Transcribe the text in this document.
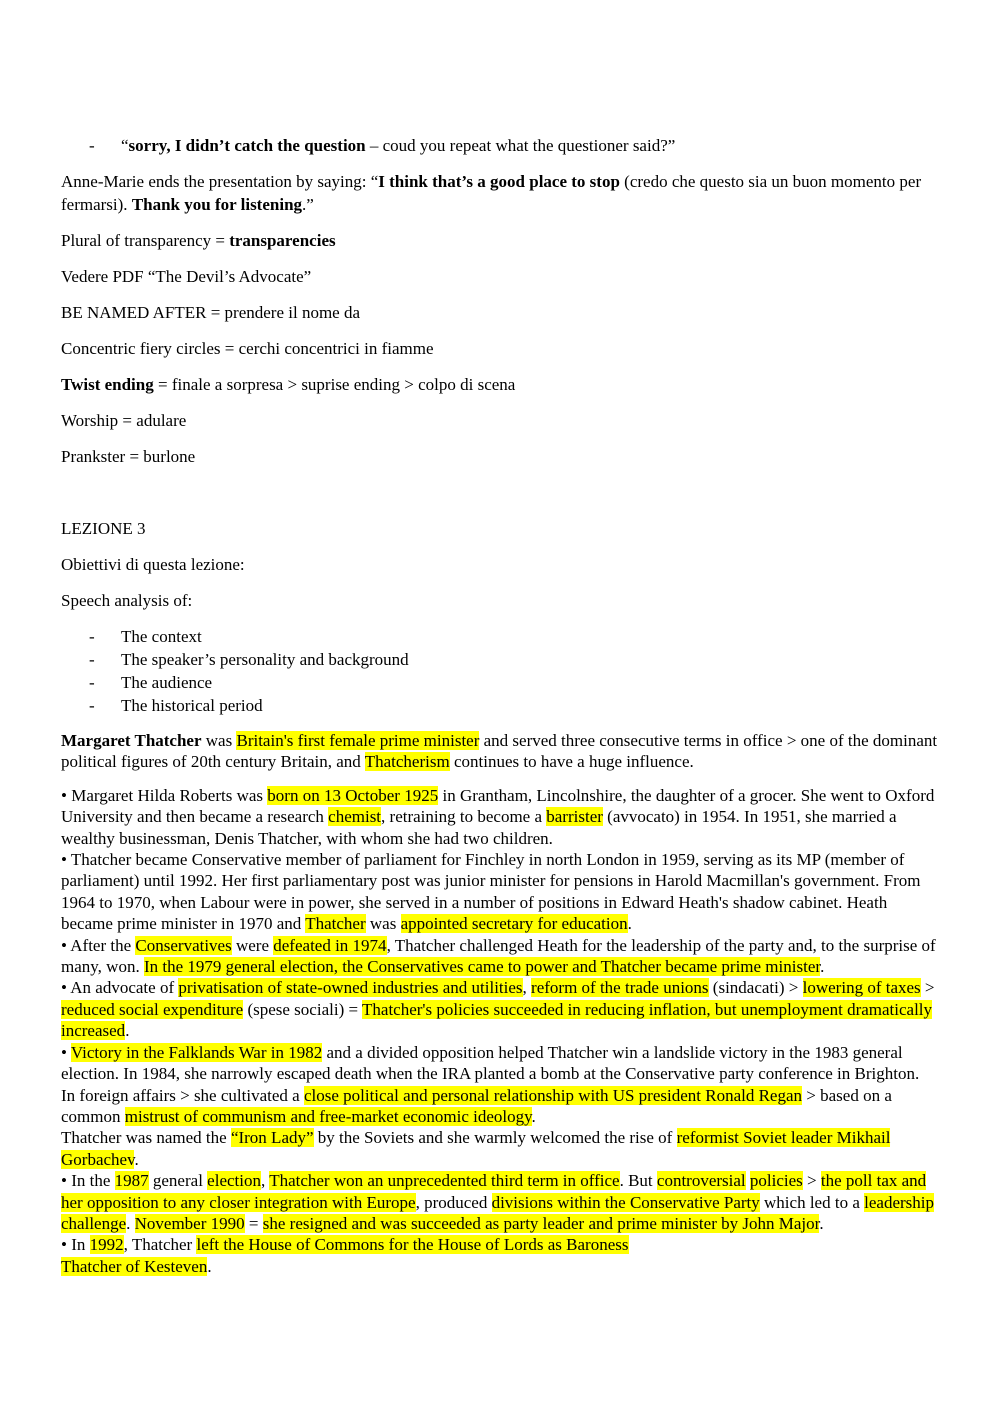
- “sorry, I didn’t catch the question – coud you repeat what the questioner said?”

Anne-Marie ends the presentation by saying: “I think that’s a good place to stop (credo che questo sia un buon momento per fermarsi). Thank you for listening.”

Plural of transparency = transparencies

Vedere PDF “The Devil’s Advocate”

BE NAMED AFTER = prendere il nome da

Concentric fiery circles = cerchi concentrici in fiamme

Twist ending = finale a sorpresa > suprise ending > colpo di scena

Worship = adulare

Prankster = burlone

LEZIONE 3

Obiettivi di questa lezione:

Speech analysis of:

- The context
- The speaker’s personality and background
- The audience
- The historical period

Margaret Thatcher was Britain's first female prime minister and served three consecutive terms in office > one of the dominant political figures of 20th century Britain, and Thatcherism continues to have a huge influence.

• Margaret Hilda Roberts was born on 13 October 1925 in Grantham, Lincolnshire, the daughter of a grocer. She went to Oxford University and then became a research chemist, retraining to become a barrister (avvocato) in 1954. In 1951, she married a wealthy businessman, Denis Thatcher, with whom she had two children.

• Thatcher became Conservative member of parliament for Finchley in north London in 1959, serving as its MP (member of parliament) until 1992. Her first parliamentary post was junior minister for pensions in Harold Macmillan's government. From 1964 to 1970, when Labour were in power, she served in a number of positions in Edward Heath's shadow cabinet. Heath became prime minister in 1970 and Thatcher was appointed secretary for education.

• After the Conservatives were defeated in 1974, Thatcher challenged Heath for the leadership of the party and, to the surprise of many, won. In the 1979 general election, the Conservatives came to power and Thatcher became prime minister.

• An advocate of privatisation of state-owned industries and utilities, reform of the trade unions (sindacati) > lowering of taxes > reduced social expenditure (spese sociali) = Thatcher's policies succeeded in reducing inflation, but unemployment dramatically increased.

• Victory in the Falklands War in 1982 and a divided opposition helped Thatcher win a landslide victory in the 1983 general election. In 1984, she narrowly escaped death when the IRA planted a bomb at the Conservative party conference in Brighton.

In foreign affairs > she cultivated a close political and personal relationship with US president Ronald Regan > based on a common mistrust of communism and free-market economic ideology.

Thatcher was named the “Iron Lady” by the Soviets and she warmly welcomed the rise of reformist Soviet leader Mikhail Gorbachev.

• In the 1987 general election, Thatcher won an unprecedented third term in office. But controversial policies > the poll tax and her opposition to any closer integration with Europe, produced divisions within the Conservative Party which led to a leadership challenge. November 1990 = she resigned and was succeeded as party leader and prime minister by John Major.

• In 1992, Thatcher left the House of Commons for the House of Lords as Baroness
Thatcher of Kesteven.
